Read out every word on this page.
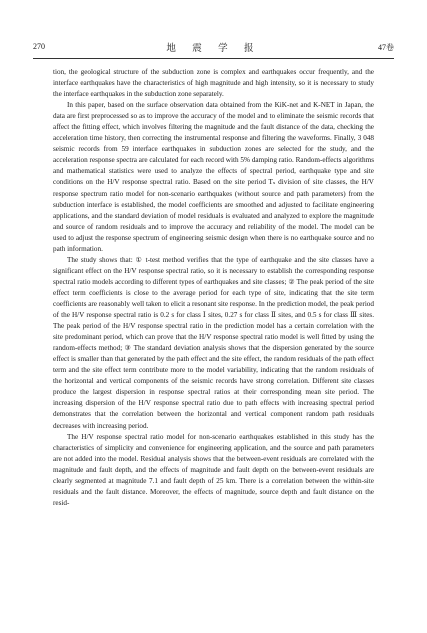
270	地 震 学 报	47卷

tion, the geological structure of the subduction zone is complex and earthquakes occur frequently, and the interface earthquakes have the characteristics of high magnitude and high intensity, so it is necessary to study the interface earthquakes in the subduction zone separately.

In this paper, based on the surface observation data obtained from the KiK-net and K-NET in Japan, the data are first preprocessed so as to improve the accuracy of the model and to eliminate the seismic records that affect the fitting effect, which involves filtering the magnitude and the fault distance of the data, checking the acceleration time history, then correcting the instrumental response and filtering the waveforms. Finally, 3 048 seismic records from 59 interface earthquakes in subduction zones are selected for the study, and the acceleration response spectra are calculated for each record with 5% damping ratio. Random-effects algorithms and mathematical statistics were used to analyze the effects of spectral period, earthquake type and site conditions on the H/V response spectral ratio. Based on the site period Tₛ division of site classes, the H/V response spectrum ratio model for non-scenario earthquakes (without source and path parameters) from the subduction interface is established, the model coefficients are smoothed and adjusted to facilitate engineering applications, and the standard deviation of model residuals is evaluated and analyzed to explore the magnitude and source of random residuals and to improve the accuracy and reliability of the model. The model can be used to adjust the response spectrum of engineering seismic design when there is no earthquake source and no path information.

The study shows that: ① t-test method verifies that the type of earthquake and the site classes have a significant effect on the H/V response spectral ratio, so it is necessary to establish the corresponding response spectral ratio models according to different types of earthquakes and site classes; ② The peak period of the site effect term coefficients is close to the average period for each type of site, indicating that the site term coefficients are reasonably well taken to elicit a resonant site response. In the prediction model, the peak period of the H/V response spectral ratio is 0.2 s for class Ⅰ sites, 0.27 s for class Ⅱ sites, and 0.5 s for class Ⅲ sites. The peak period of the H/V response spectral ratio in the prediction model has a certain correlation with the site predominant period, which can prove that the H/V response spectral ratio model is well fitted by using the random-effects method; ③ The standard deviation analysis shows that the dispersion generated by the source effect is smaller than that generated by the path effect and the site effect, the random residuals of the path effect term and the site effect term contribute more to the model variability, indicating that the random residuals of the horizontal and vertical components of the seismic records have strong correlation. Different site classes produce the largest dispersion in response spectral ratios at their corresponding mean site period. The increasing dispersion of the H/V response spectral ratio due to path effects with increasing spectral period demonstrates that the correlation between the horizontal and vertical component random path residuals decreases with increasing period.

The H/V response spectral ratio model for non-scenario earthquakes established in this study has the characteristics of simplicity and convenience for engineering application, and the source and path parameters are not added into the model. Residual analysis shows that the between-event residuals are correlated with the magnitude and fault depth, and the effects of magnitude and fault depth on the between-event residuals are clearly segmented at magnitude 7.1 and fault depth of 25 km. There is a correlation between the within-site residuals and the fault distance. Moreover, the effects of magnitude, source depth and fault distance on the resid-
